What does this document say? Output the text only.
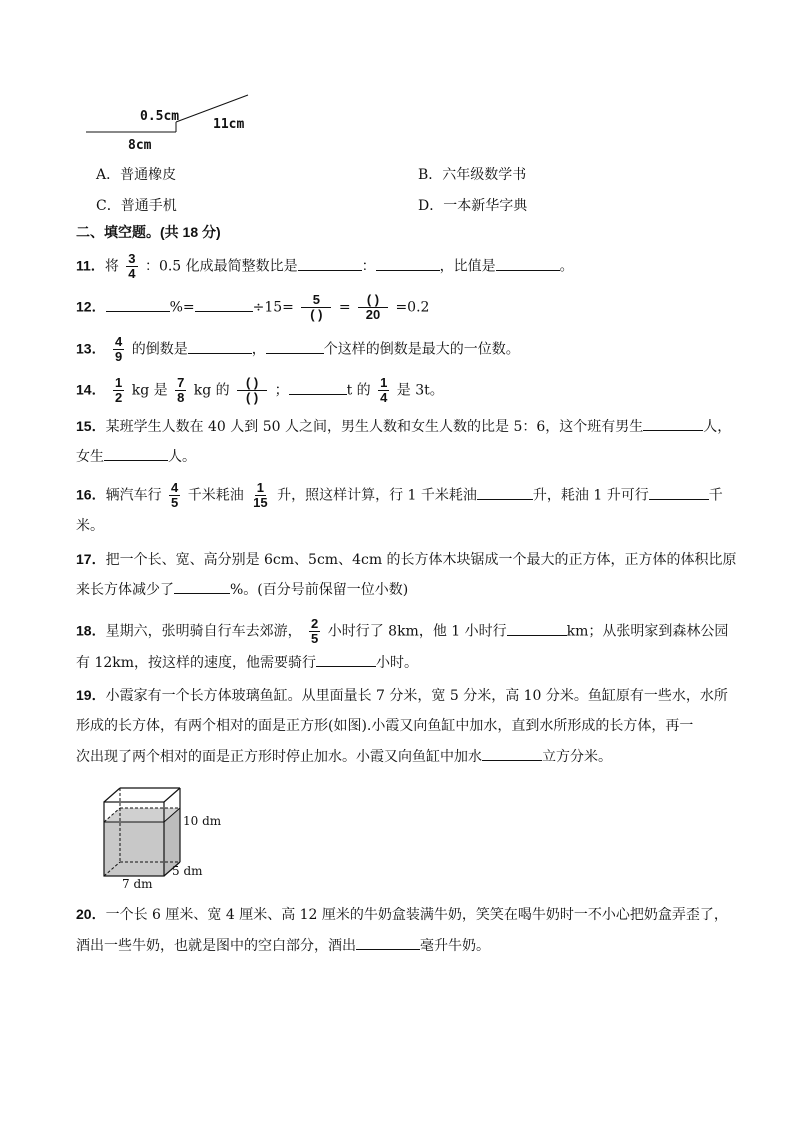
0.5cm
11cm
8cm
A．普通橡皮	B．六年级数学书
C．普通手机	D．一本新华字典
二、填空题。(共 18 分)
11．将 $\frac{3}{4}$ ：0.5 化成最简整数比是	：	，比值是	。
12．	%=	$\div 15= \frac{5}{( )} = \frac{( )}{20} =0.2$
13． $\frac{4}{9}$ 的倒数是	，	个这样的倒数是最大的一位数。
14． $\frac{1}{2}$ kg 是 $\frac{7}{8}$ kg 的 $\frac{( )}{( )}$ ；	t 的 $\frac{1}{4}$ 是 3t。
15．某班学生人数在 40 人到 50 人之间，男生人数和女生人数的比是 5：6，这个班有男生	人，
女生	人。
16．辆汽车行 $\frac{4}{5}$ 千米耗油 $\frac{1}{15}$ 升，照这样计算，行 1 千米耗油	升，耗油 1 升可行	千
米。
17．把一个长、宽、高分别是 6cm、5cm、4cm 的长方体木块锯成一个最大的正方体，正方体的体积比原
来长方体减少了	%。(百分号前保留一位小数)
18．星期六，张明骑自行车去郊游， $\frac{2}{5}$ 小时行了 8km，他 1 小时行	km；从张明家到森林公园
有 12km，按这样的速度，他需要骑行	小时。
19．小霞家有一个长方体玻璃鱼缸。从里面量长 7 分米，宽 5 分米，高 10 分米。鱼缸原有一些水，水所
形成的长方体，有两个相对的面是正方形(如图).小霞又向鱼缸中加水，直到水所形成的长方体，再一
次出现了两个相对的面是正方形时停止加水。小霞又向鱼缸中加水	立方分米。
10 dm
5 dm
7 dm
20．一个长 6 厘米、宽 4 厘米、高 12 厘米的牛奶盒装满牛奶，笑笑在喝牛奶时一不小心把奶盒弄歪了，
酒出一些牛奶，也就是图中的空白部分，酒出	毫升牛奶。
